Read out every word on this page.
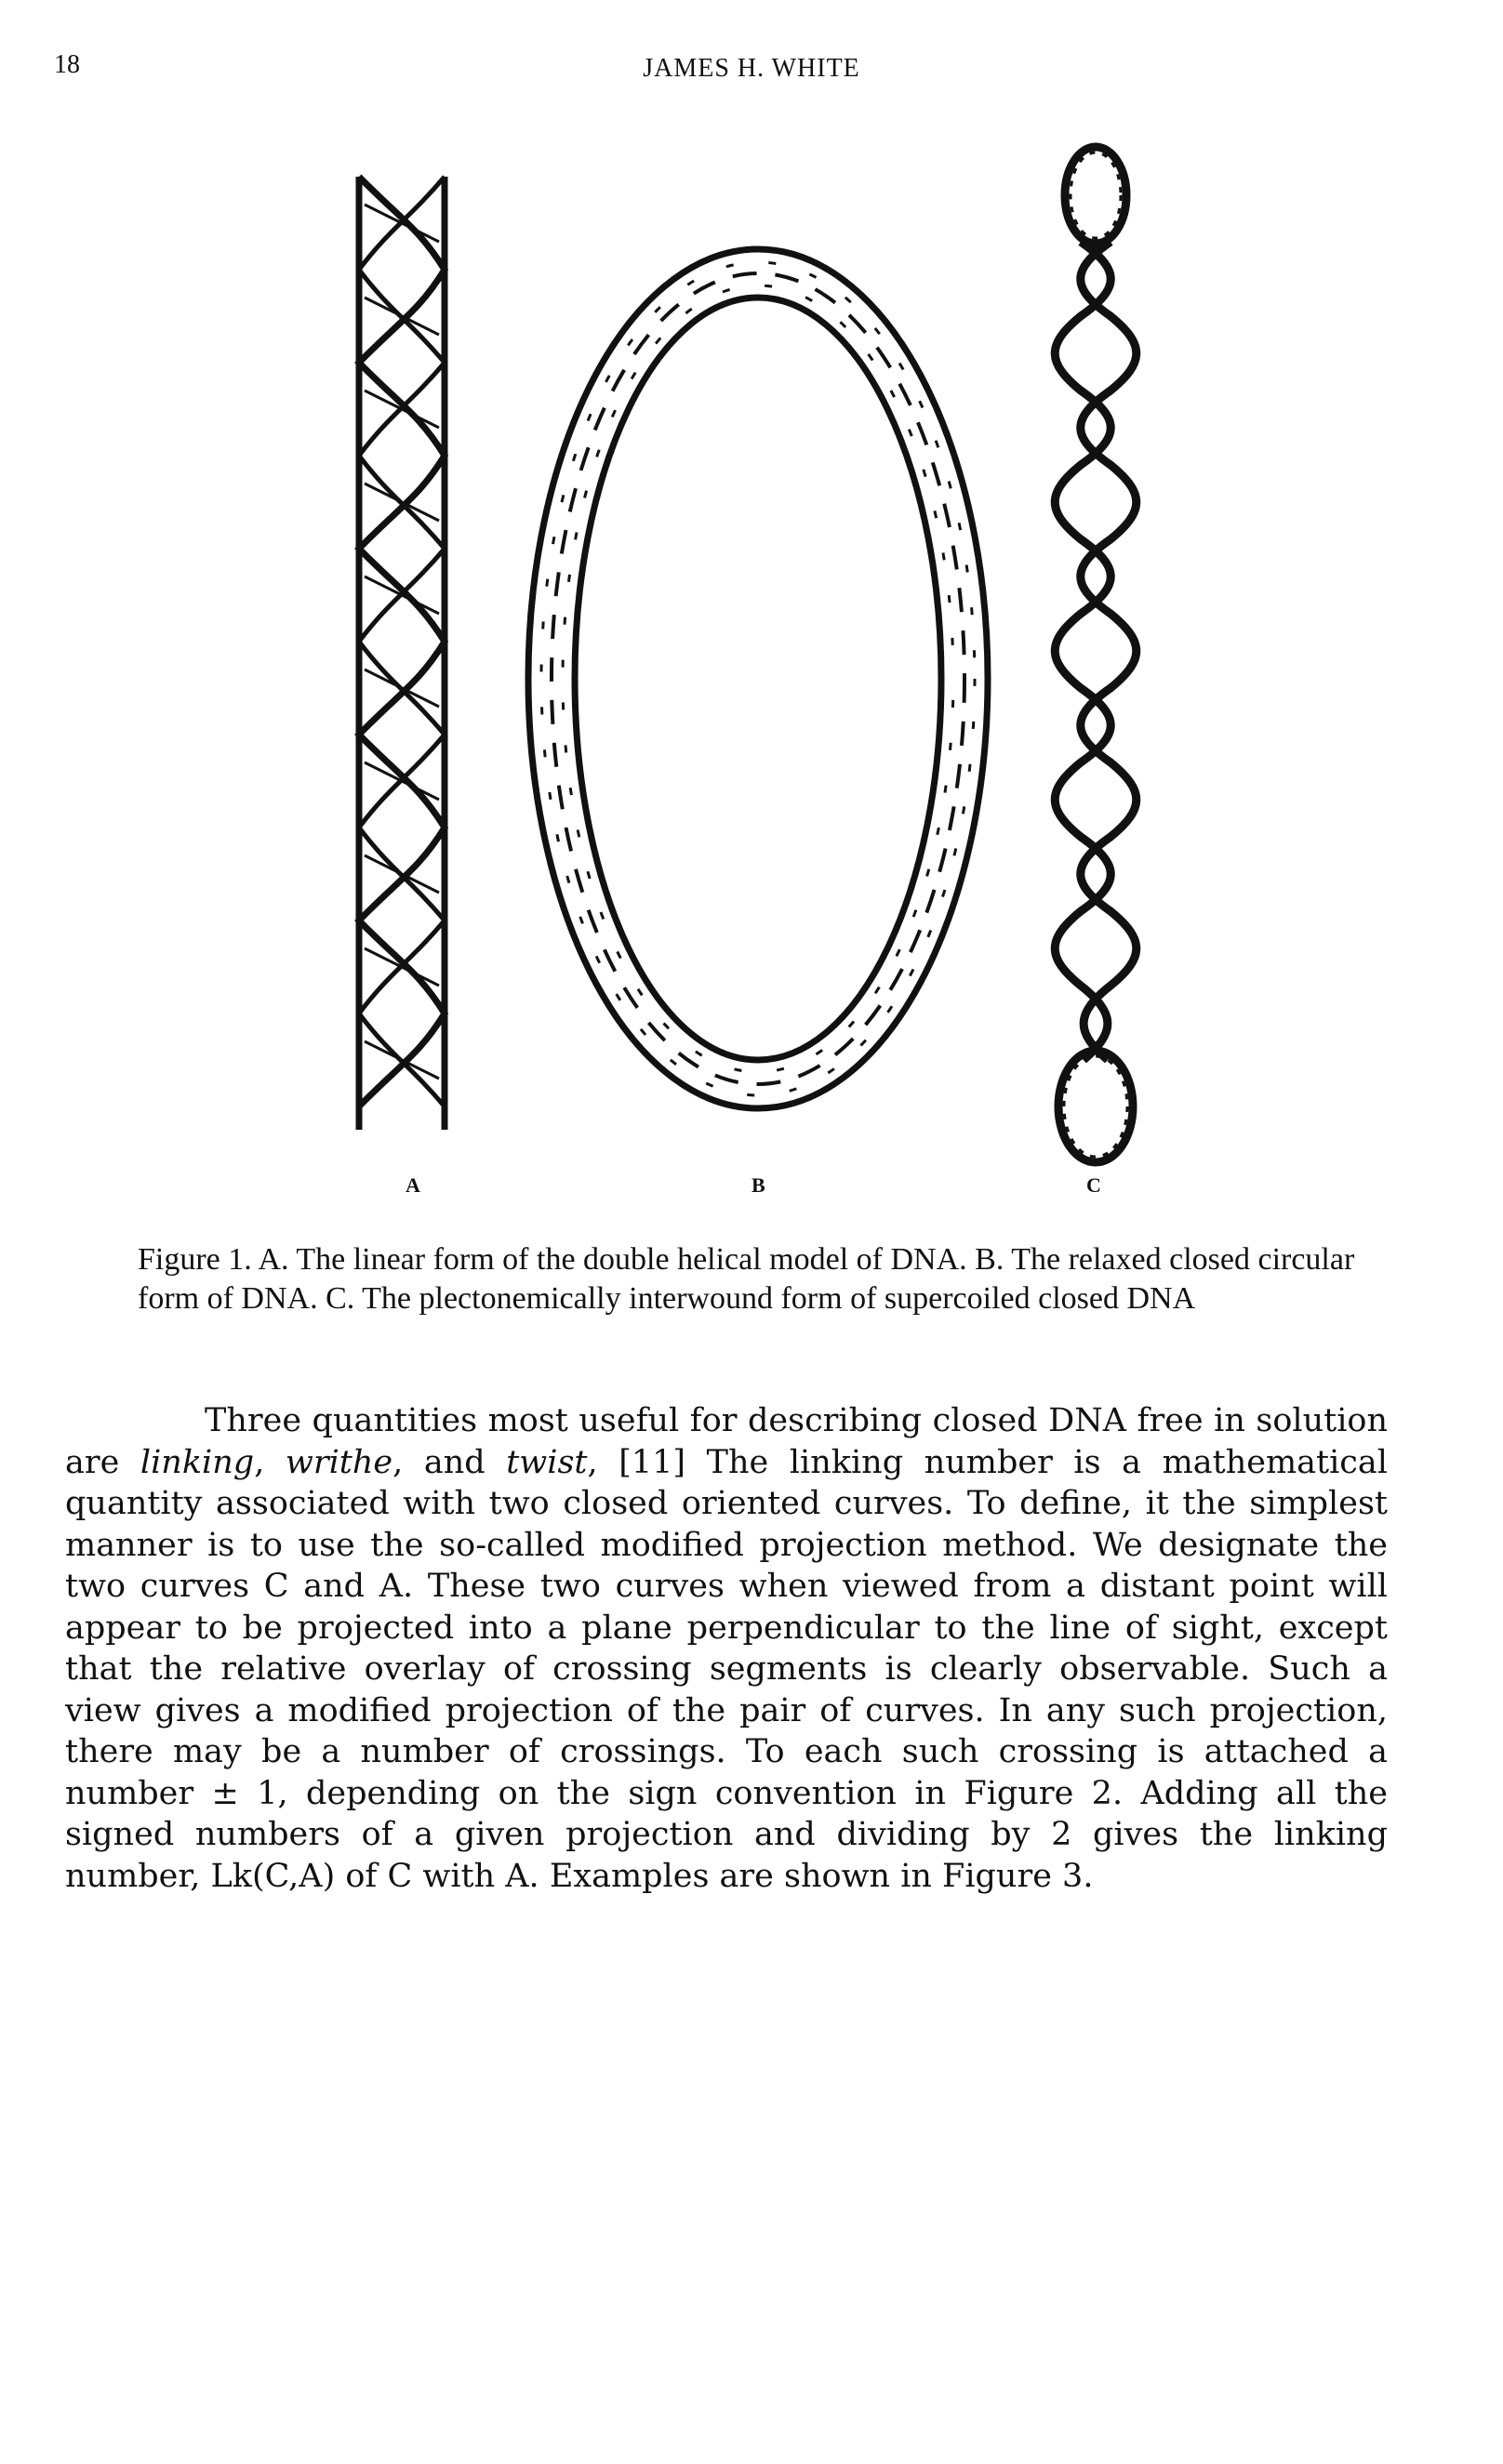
18	JAMES H. WHITE
A	B	C
Figure 1. A. The linear form of the double helical model of DNA. B. The relaxed closed circular form of DNA. C. The plectonemically interwound form of supercoiled closed DNA
Three quantities most useful for describing closed DNA free in solution are linking, writhe, and twist, [11] The linking number is a mathematical quantity associated with two closed oriented curves. To define, it the simplest manner is to use the so-called modified projection method. We designate the two curves C and A. These two curves when viewed from a distant point will appear to be projected into a plane perpendicular to the line of sight, except that the relative overlay of crossing segments is clearly observable. Such a view gives a modified projection of the pair of curves. In any such projection, there may be a number of crossings. To each such crossing is attached a number ± 1, depending on the sign convention in Figure 2. Adding all the signed numbers of a given projection and dividing by 2 gives the linking number, Lk(C,A) of C with A. Examples are shown in Figure 3.
